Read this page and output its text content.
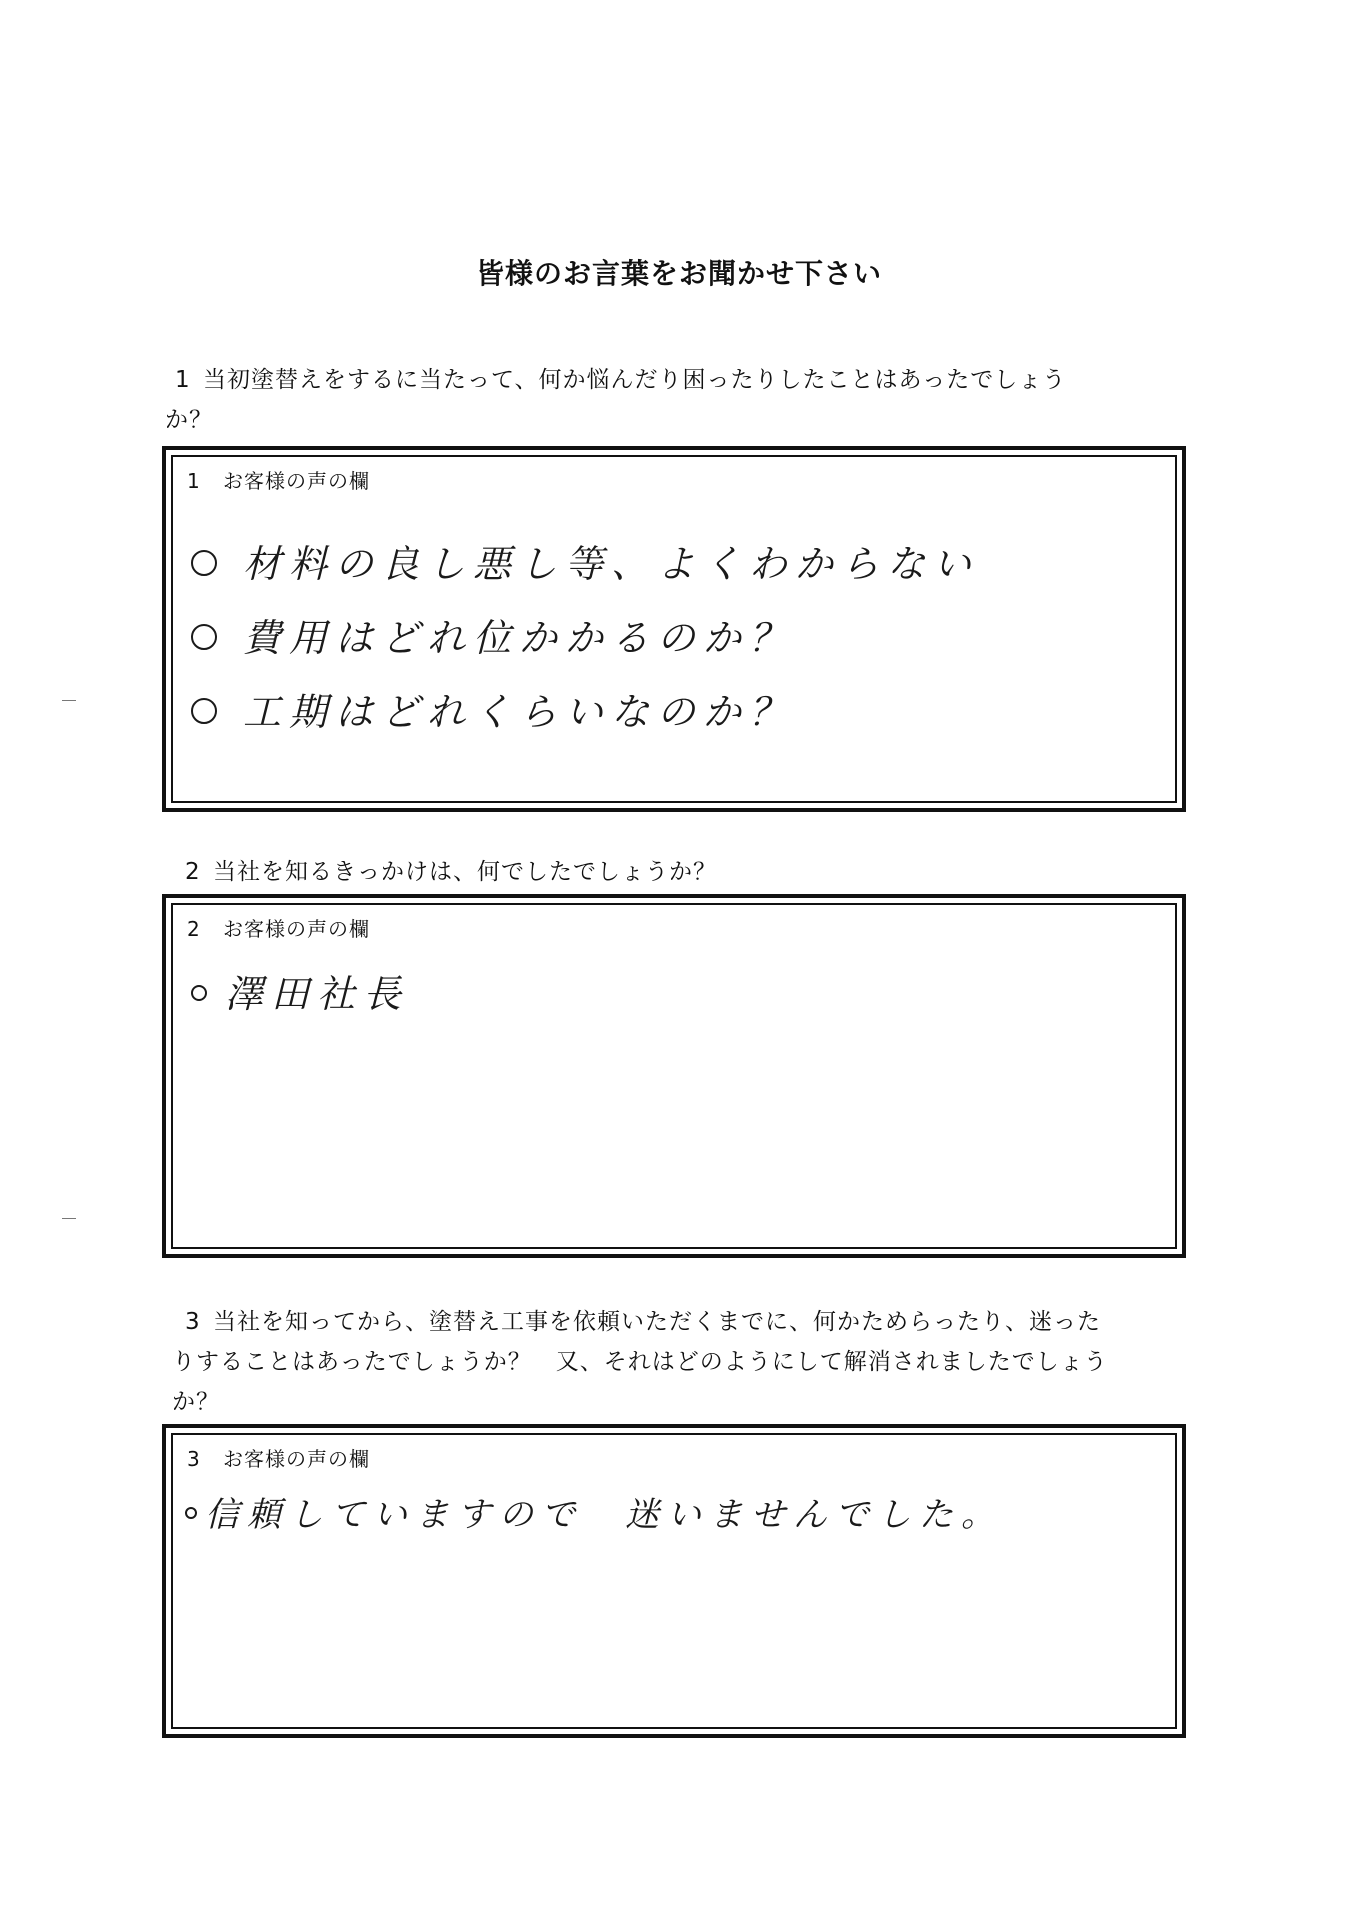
皆様のお言葉をお聞かせ下さい
1 当初塗替えをするに当たって、何か悩んだり困ったりしたことはあったでしょう
か？
1 お客様の声の欄
材料の良し悪し等、よくわからない
費用はどれ位かかるのか？
工期はどれくらいなのか？
2 当社を知るきっかけは、何でしたでしょうか？
2 お客様の声の欄
澤田社長
3 当社を知ってから、塗替え工事を依頼いただくまでに、何かためらったり、迷った
りすることはあったでしょうか？　又、それはどのようにして解消されましたでしょう
か？
3 お客様の声の欄
信頼していますので　迷いませんでした。
